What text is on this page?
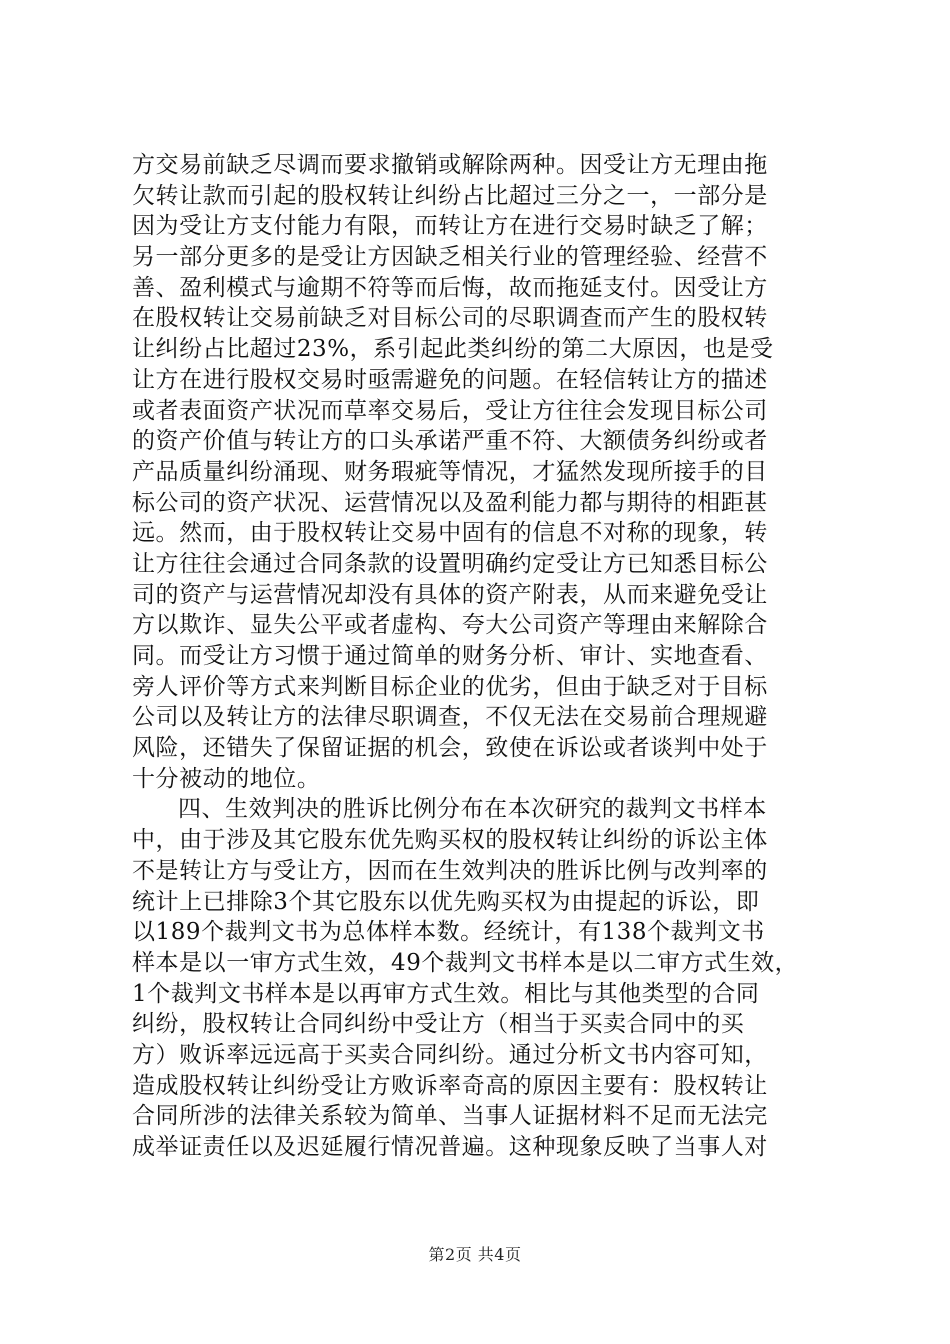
方交易前缺乏尽调而要求撤销或解除两种。因受让方无理由拖
欠转让款而引起的股权转让纠纷占比超过三分之一，一部分是
因为受让方支付能力有限，而转让方在进行交易时缺乏了解；
另一部分更多的是受让方因缺乏相关行业的管理经验、经营不
善、盈利模式与逾期不符等而后悔，故而拖延支付。因受让方
在股权转让交易前缺乏对目标公司的尽职调查而产生的股权转
让纠纷占比超过23%，系引起此类纠纷的第二大原因，也是受
让方在进行股权交易时亟需避免的问题。在轻信转让方的描述
或者表面资产状况而草率交易后，受让方往往会发现目标公司
的资产价值与转让方的口头承诺严重不符、大额债务纠纷或者
产品质量纠纷涌现、财务瑕疵等情况，才猛然发现所接手的目
标公司的资产状况、运营情况以及盈利能力都与期待的相距甚
远。然而，由于股权转让交易中固有的信息不对称的现象，转
让方往往会通过合同条款的设置明确约定受让方已知悉目标公
司的资产与运营情况却没有具体的资产附表，从而来避免受让
方以欺诈、显失公平或者虚构、夸大公司资产等理由来解除合
同。而受让方习惯于通过简单的财务分析、审计、实地查看、
旁人评价等方式来判断目标企业的优劣，但由于缺乏对于目标
公司以及转让方的法律尽职调查，不仅无法在交易前合理规避
风险，还错失了保留证据的机会，致使在诉讼或者谈判中处于
十分被动的地位。
四、生效判决的胜诉比例分布在本次研究的裁判文书样本
中，由于涉及其它股东优先购买权的股权转让纠纷的诉讼主体
不是转让方与受让方，因而在生效判决的胜诉比例与改判率的
统计上已排除3个其它股东以优先购买权为由提起的诉讼，即
以189个裁判文书为总体样本数。经统计，有138个裁判文书
样本是以一审方式生效，49个裁判文书样本是以二审方式生效，
1个裁判文书样本是以再审方式生效。相比与其他类型的合同
纠纷，股权转让合同纠纷中受让方（相当于买卖合同中的买
方）败诉率远远高于买卖合同纠纷。通过分析文书内容可知，
造成股权转让纠纷受让方败诉率奇高的原因主要有：股权转让
合同所涉的法律关系较为简单、当事人证据材料不足而无法完
成举证责任以及迟延履行情况普遍。这种现象反映了当事人对
第2页 共4页
